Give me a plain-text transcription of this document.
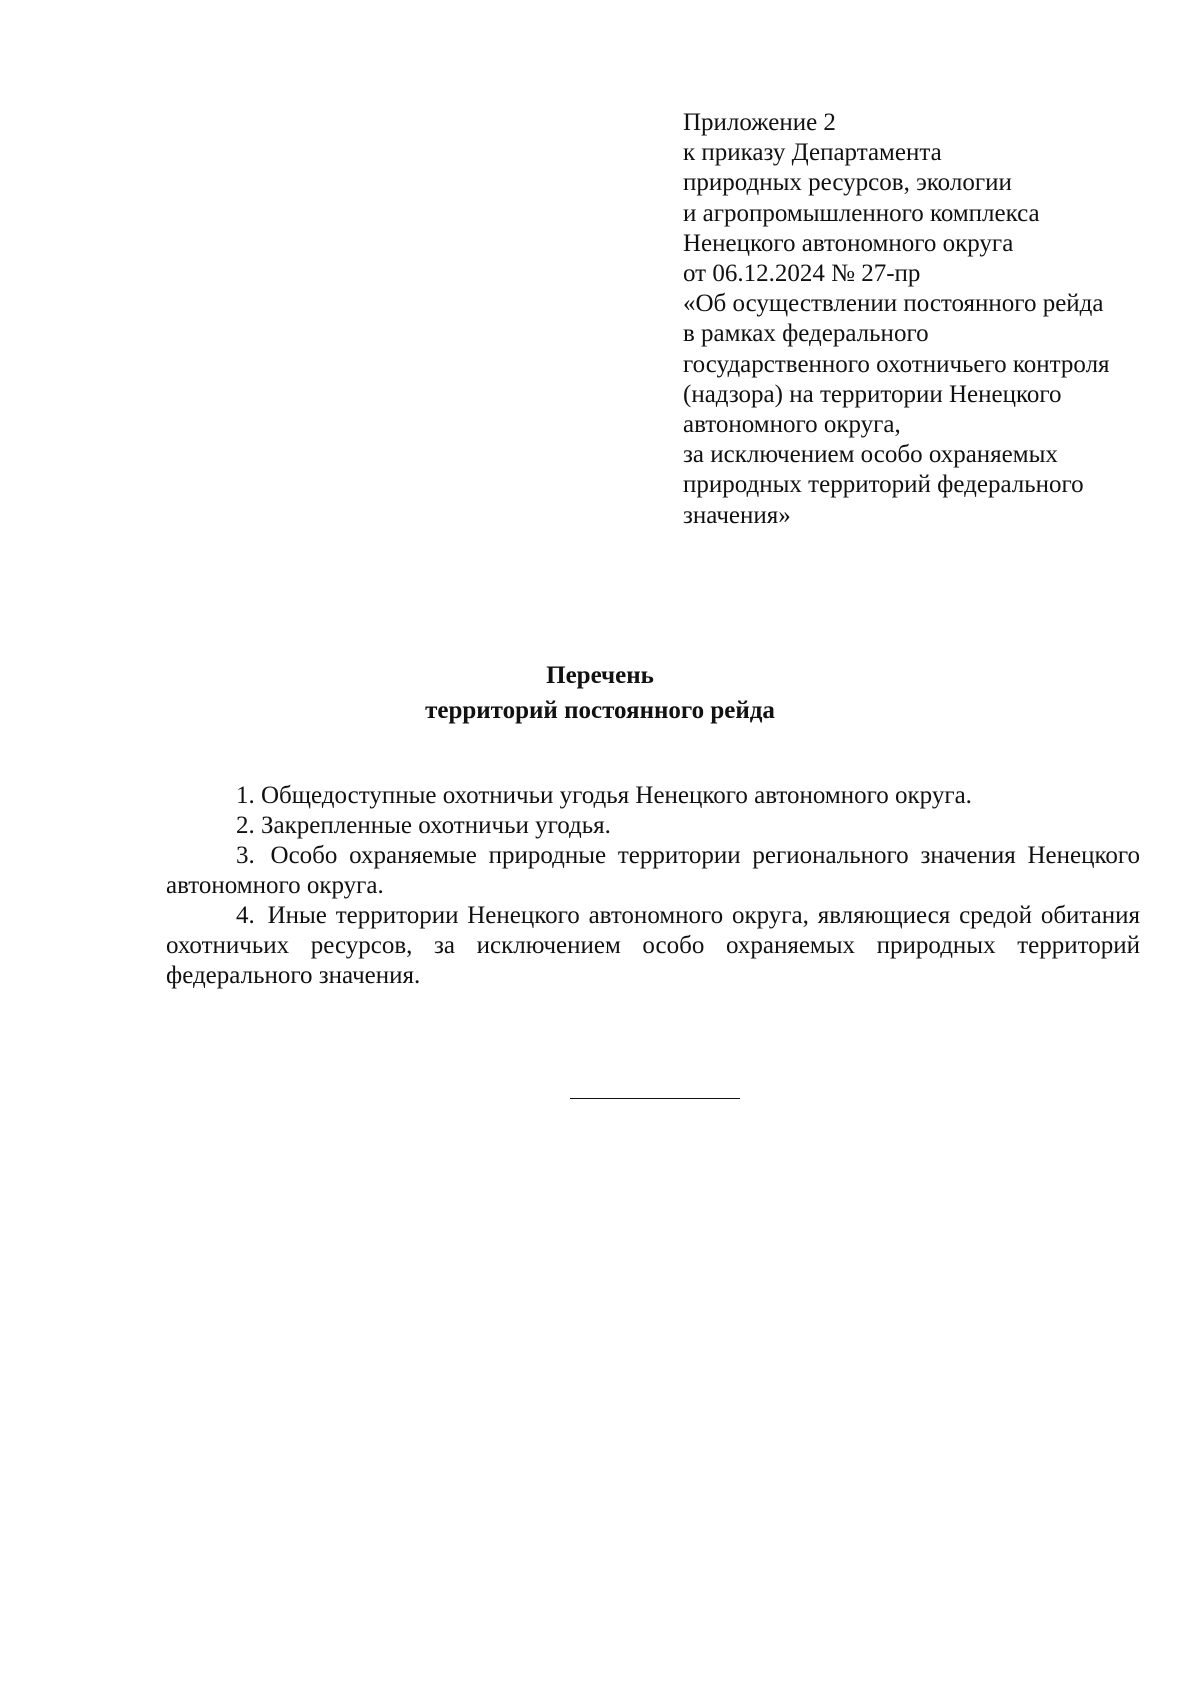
Приложение 2
к приказу Департамента
природных ресурсов, экологии
и агропромышленного комплекса
Ненецкого автономного округа
от 06.12.2024 № 27-пр
«Об осуществлении постоянного рейда
в рамках федерального
государственного охотничьего контроля
(надзора) на территории Ненецкого
автономного округа,
за исключением особо охраняемых
природных территорий федерального
значения»
Перечень
территорий постоянного рейда

1. Общедоступные охотничьи угодья Ненецкого автономного округа.

2. Закрепленные охотничьи угодья.

3. Особо охраняемые природные территории регионального значения Ненецкого автономного округа.

4. Иные территории Ненецкого автономного округа, являющиеся средой обитания охотничьих ресурсов, за исключением особо охраняемых природных территорий федерального значения.
